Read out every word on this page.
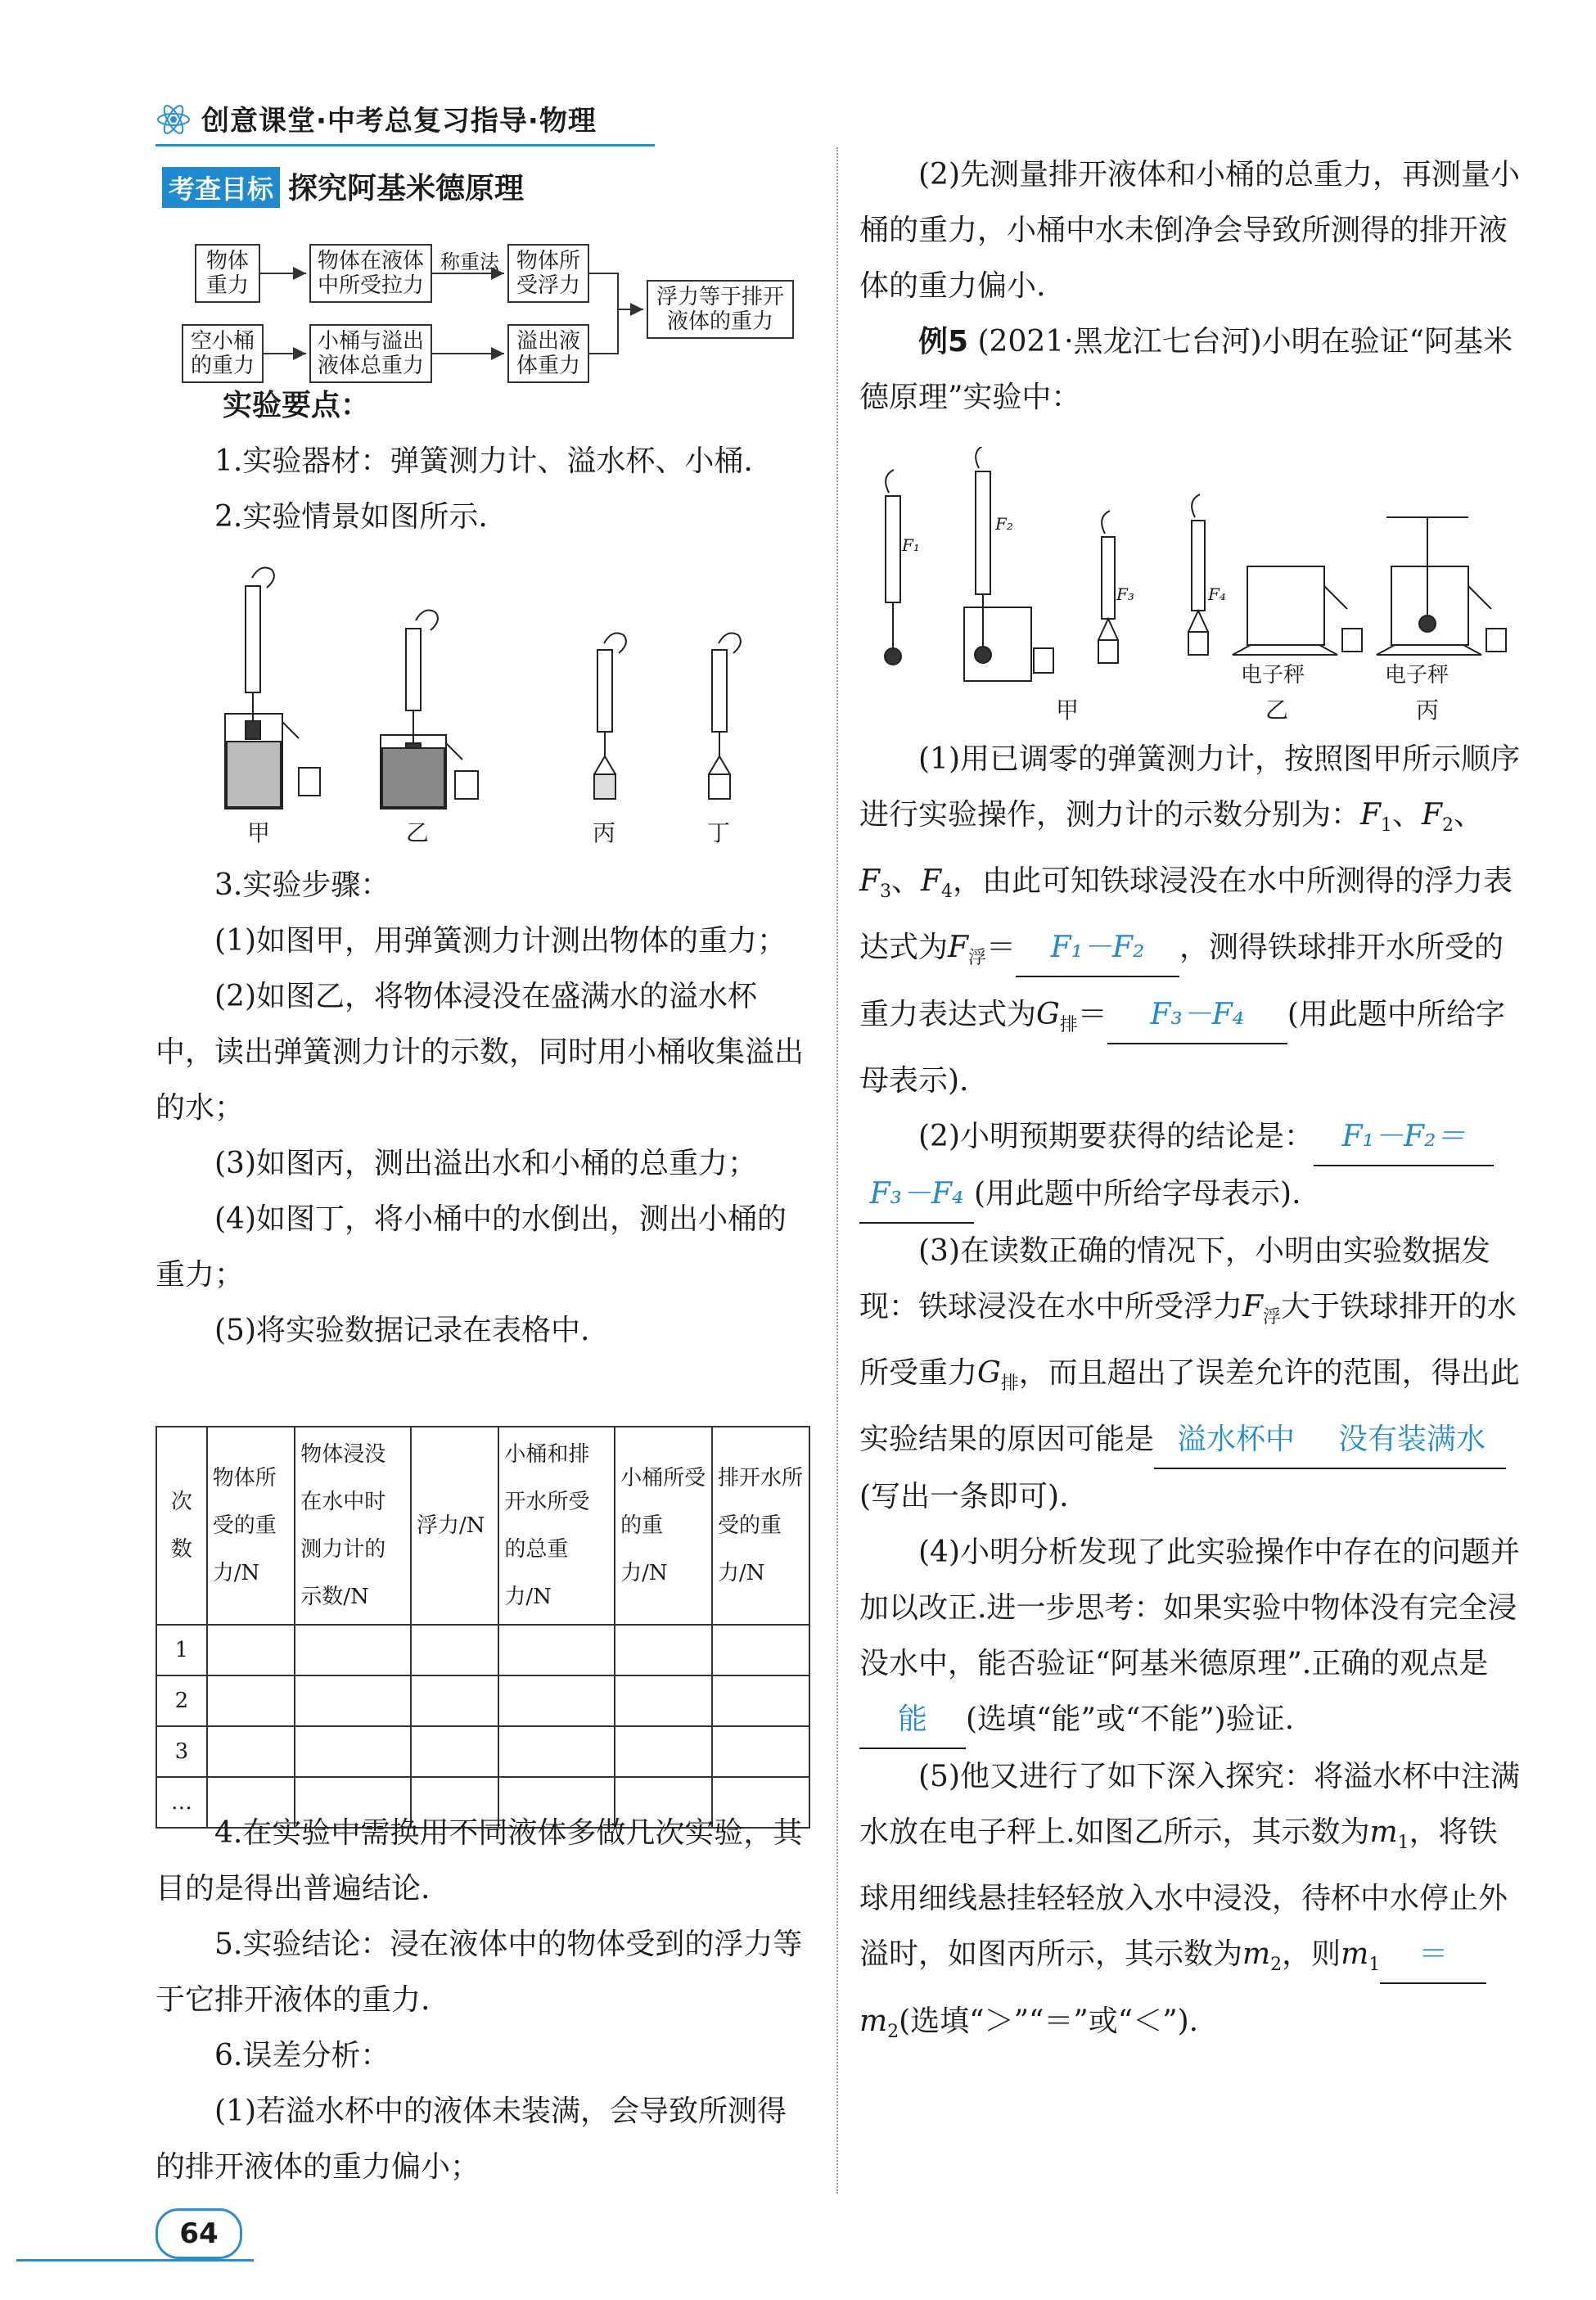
创意课堂·中考总复习指导·物理
考查目标 探究阿基米德原理
物体重力
物体在液体中所受拉力
称重法 物体所受浮力
空小桶的重力
小桶与溢出液体总重力
溢出液体重力
浮力等于排开液体的重力

实验要点：

1.实验器材：弹簧测力计、溢水杯、小桶.

2.实验情景如图所示.

甲	乙	丙	丁

3.实验步骤：

(1)如图甲，用弹簧测力计测出物体的重力；

(2)如图乙，将物体浸没在盛满水的溢水杯中，读出弹簧测力计的示数，同时用小桶收集溢出的水；

(3)如图丙，测出溢出水和小桶的总重力；

(4)如图丁，将小桶中的水倒出，测出小桶的重力；

(5)将实验数据记录在表格中.

次数	物体所受的重力/N	物体浸没在水中时测力计的示数/N	浮力/N	小桶和排开水所受的总重力/N	小桶所受的重力/N	排开水所受的重力/N
1						
2						
3						
…						

4.在实验中需换用不同液体多做几次实验，其目的是得出普遍结论.

5.实验结论：浸在液体中的物体受到的浮力等于它排开液体的重力.

6.误差分析：

(1)若溢水杯中的液体未装满，会导致所测得的排开液体的重力偏小；

(2)先测量排开液体和小桶的总重力，再测量小桶的重力，小桶中水未倒净会导致所测得的排开液体的重力偏小.

例5 (2021·黑龙江七台河)小明在验证“阿基米德原理”实验中：

F₁
F₂
F₃	F₄
电子秤	电子秤
甲	乙	丙

(1)用已调零的弹簧测力计，按照图甲所示顺序进行实验操作，测力计的示数分别为：$F_1$、$F_2$、$F_3$、$F_4$，由此可知铁球浸没在水中所测得的浮力表达式为$F_浮= F_1-F_2$ ，测得铁球排开水所受的重力表达式为$G_排= F_3-F_4$ (用此题中所给字母表示).

(2)小明预期要获得的结论是： F₁－F₂＝F₃－F₄ (用此题中所给字母表示).

(3)在读数正确的情况下，小明由实验数据发现：铁球浸没在水中所受浮力$F_浮$大于铁球排开的水所受重力$G_排$，而且超出了误差允许的范围，得出此实验结果的原因可能是 溢水杯中 没有装满水(写出一条即可).

(4)小明分析发现了此实验操作中存在的问题并加以改正.进一步思考：如果实验中物体没有完全浸没水中，能否验证“阿基米德原理”.正确的观点是能 (选填“能”或“不能”)验证.

(5)他又进行了如下深入探究：将溢水杯中注满水放在电子秤上.如图乙所示，其示数为$m_1$，将铁球用细线悬挂轻轻放入水中浸没，待杯中水停止外溢时，如图丙所示，其示数为$m_2$，则$m_1 =m_2$(选填“＞”“＝”或“＜”).

64
